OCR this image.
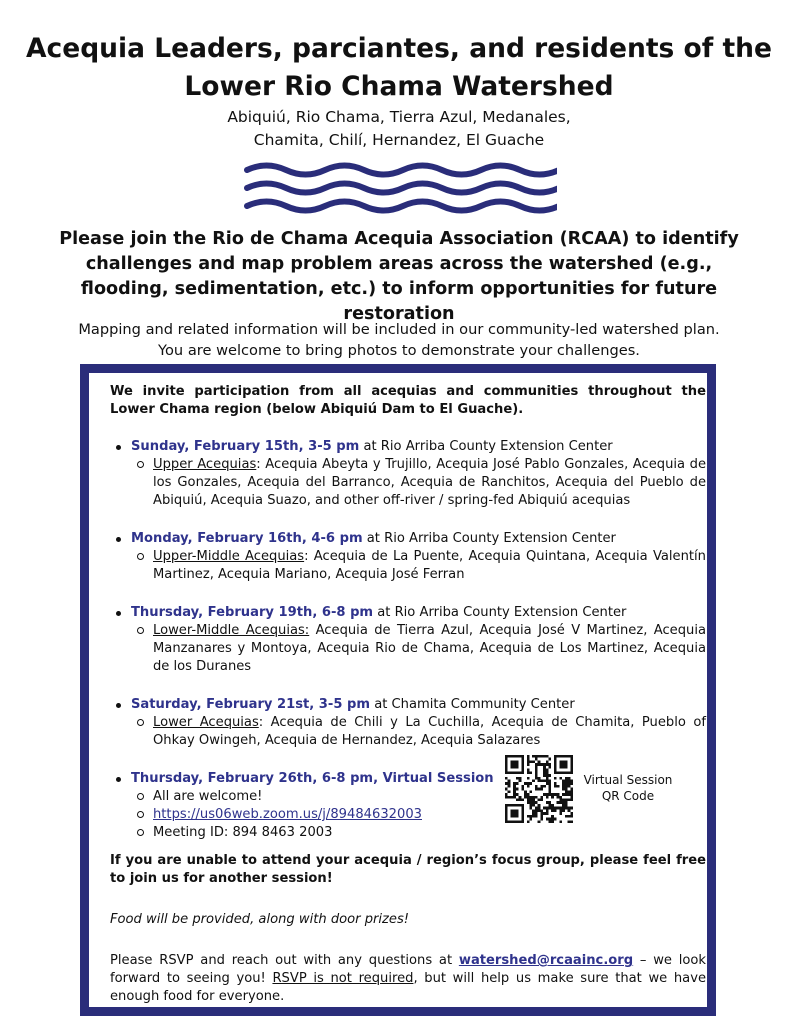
Acequia Leaders, parciantes, and residents of the
Lower Rio Chama Watershed
Abiquiú, Rio Chama, Tierra Azul, Medanales,
Chamita, Chilí, Hernandez, El Guache
Please join the Rio de Chama Acequia Association (RCAA) to identify challenges and map problem areas across the watershed (e.g., flooding, sedimentation, etc.) to inform opportunities for future restoration
Mapping and related information will be included in our community-led watershed plan. You are welcome to bring photos to demonstrate your challenges.
We invite participation from all acequias and communities throughout the Lower Chama region (below Abiquiú Dam to El Guache).
Sunday, February 15th, 3-5 pm at Rio Arriba County Extension Center
Upper Acequias: Acequia Abeyta y Trujillo, Acequia José Pablo Gonzales, Acequia de los Gonzales, Acequia del Barranco, Acequia de Ranchitos, Acequia del Pueblo de Abiquiú, Acequia Suazo, and other off-river / spring-fed Abiquiú acequias
Monday, February 16th, 4-6 pm at Rio Arriba County Extension Center
Upper-Middle Acequias: Acequia de La Puente, Acequia Quintana, Acequia Valentín Martinez, Acequia Mariano, Acequia José Ferran
Thursday, February 19th, 6-8 pm at Rio Arriba County Extension Center
Lower-Middle Acequias: Acequia de Tierra Azul, Acequia José V Martinez, Acequia Manzanares y Montoya, Acequia Rio de Chama, Acequia de Los Martinez, Acequia de los Duranes
Saturday, February 21st, 3-5 pm at Chamita Community Center
Lower Acequias: Acequia de Chili y La Cuchilla, Acequia de Chamita, Pueblo of Ohkay Owingeh, Acequia de Hernandez, Acequia Salazares
Thursday, February 26th, 6-8 pm, Virtual Session
All are welcome!
https://us06web.zoom.us/j/89484632003
Meeting ID: 894 8463 2003
Virtual Session
QR Code
If you are unable to attend your acequia / region’s focus group, please feel free to join us for another session!
Food will be provided, along with door prizes!
Please RSVP and reach out with any questions at watershed@rcaainc.org – we look forward to seeing you! RSVP is not required, but will help us make sure that we have enough food for everyone.
